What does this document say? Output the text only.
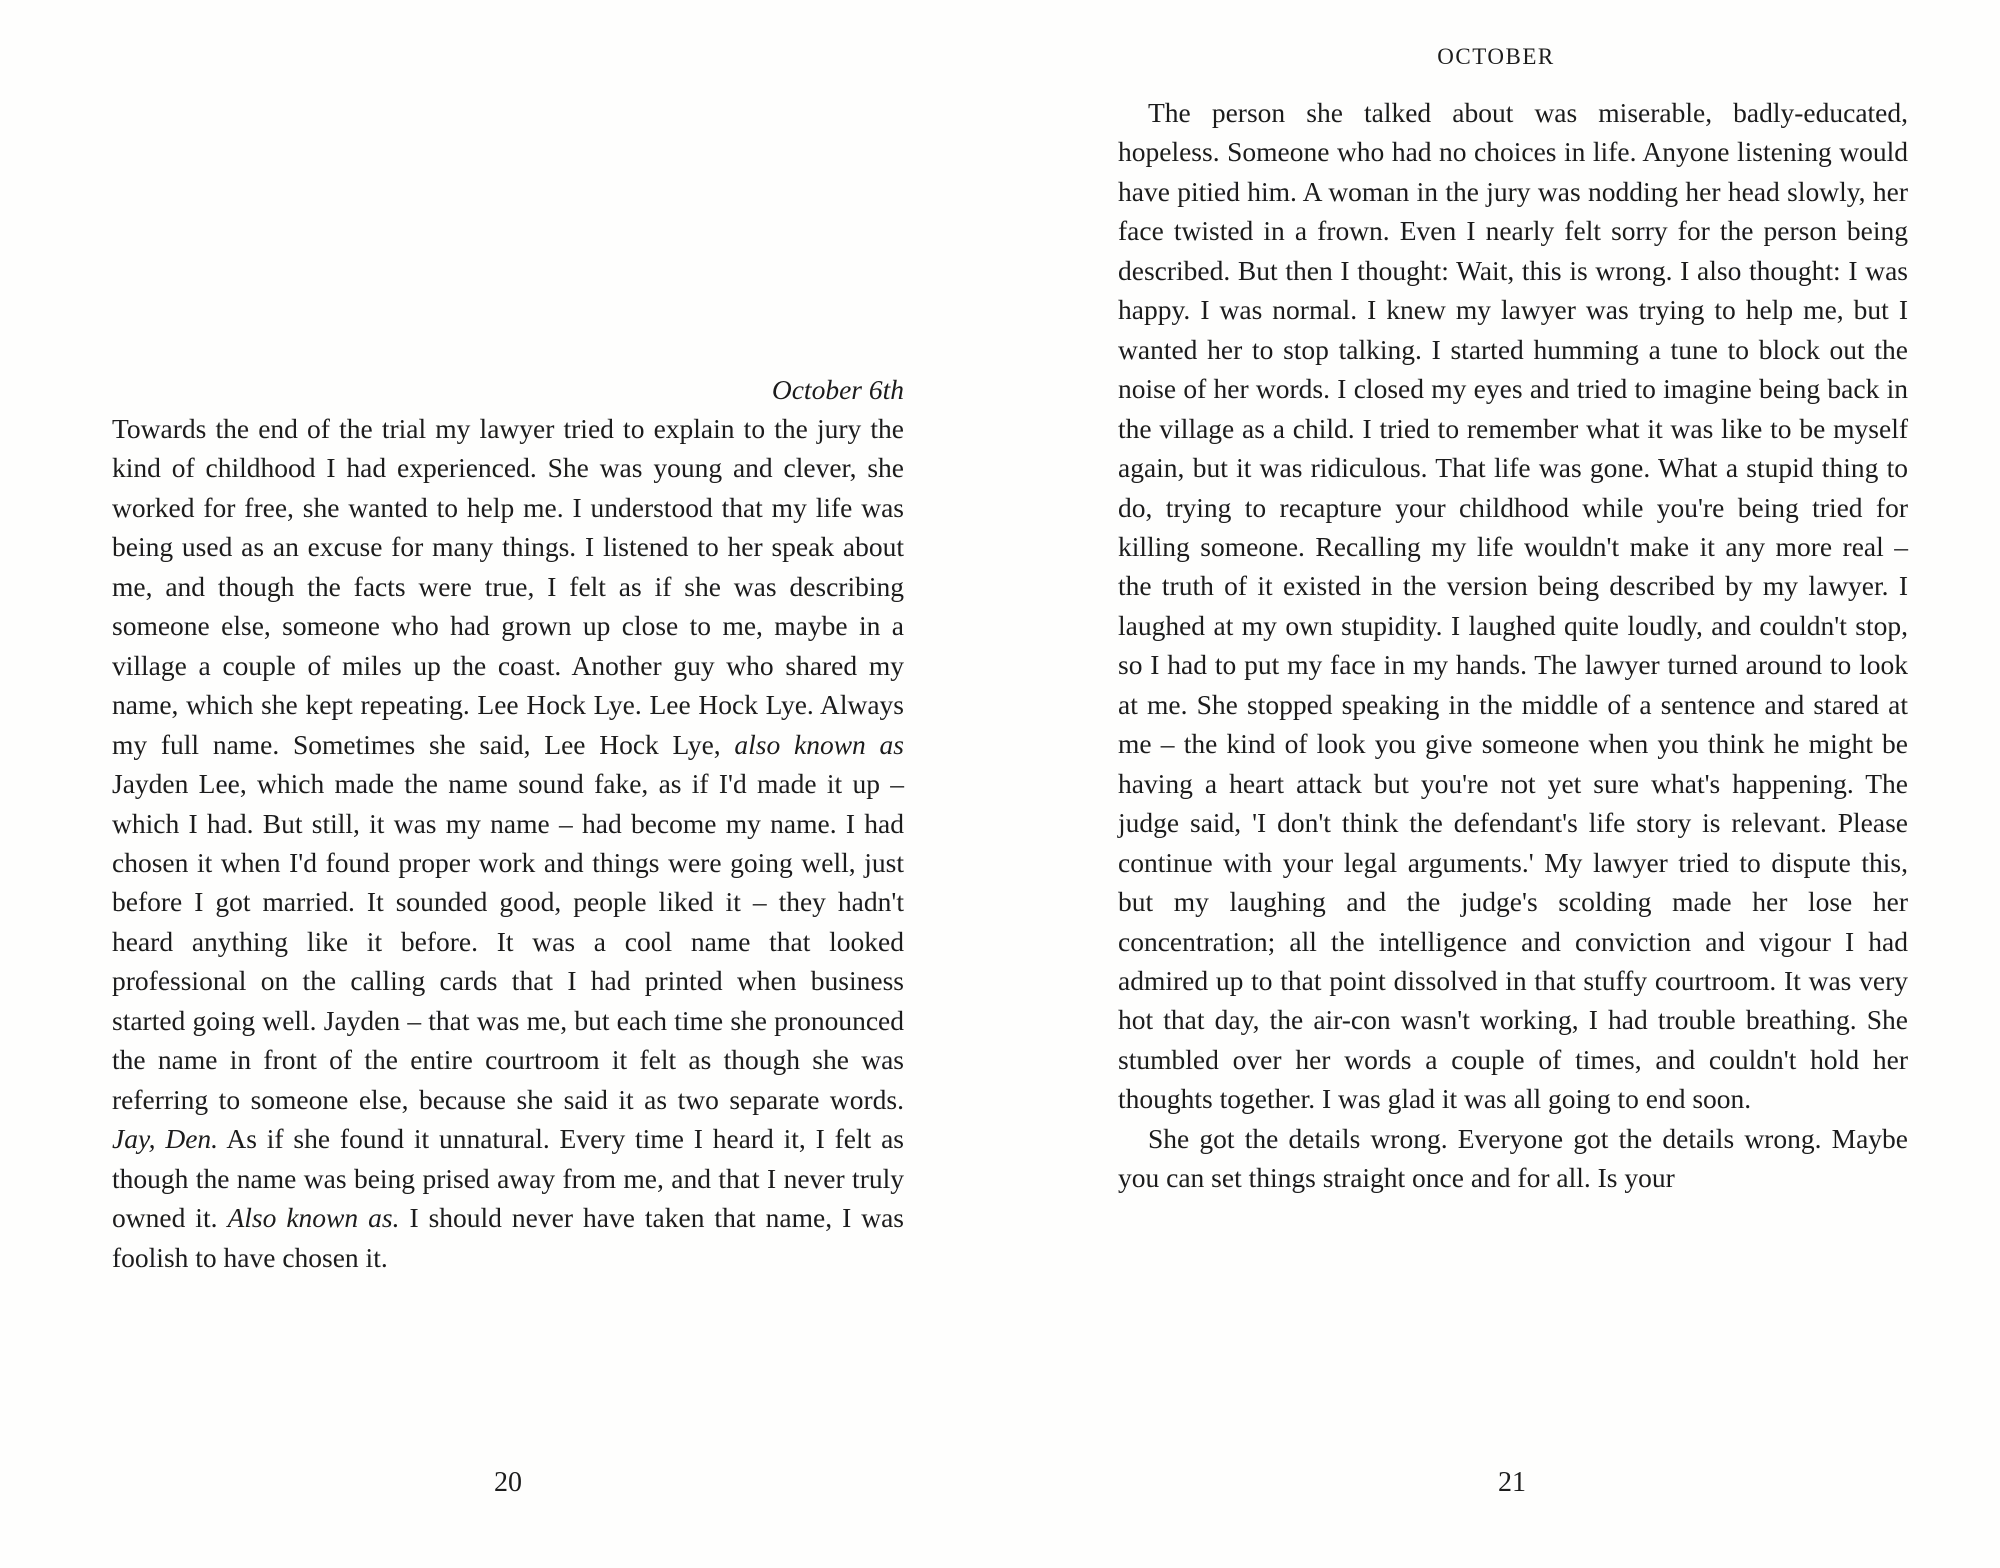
October 6th

Towards the end of the trial my lawyer tried to explain to the jury the kind of childhood I had experienced. She was young and clever, she worked for free, she wanted to help me. I understood that my life was being used as an excuse for many things. I listened to her speak about me, and though the facts were true, I felt as if she was describing someone else, someone who had grown up close to me, maybe in a village a couple of miles up the coast. Another guy who shared my name, which she kept repeating. Lee Hock Lye. Lee Hock Lye. Always my full name. Sometimes she said, Lee Hock Lye, also known as Jayden Lee, which made the name sound fake, as if I'd made it up – which I had. But still, it was my name – had become my name. I had chosen it when I'd found proper work and things were going well, just before I got married. It sounded good, people liked it – they hadn't heard anything like it before. It was a cool name that looked professional on the calling cards that I had printed when business started going well. Jayden – that was me, but each time she pronounced the name in front of the entire courtroom it felt as though she was referring to someone else, because she said it as two separate words. Jay, Den. As if she found it unnatural. Every time I heard it, I felt as though the name was being prised away from me, and that I never truly owned it. Also known as. I should never have taken that name, I was foolish to have chosen it.

20
OCTOBER

The person she talked about was miserable, badly-educated, hopeless. Someone who had no choices in life. Anyone listening would have pitied him. A woman in the jury was nodding her head slowly, her face twisted in a frown. Even I nearly felt sorry for the person being described. But then I thought: Wait, this is wrong. I also thought: I was happy. I was normal. I knew my lawyer was trying to help me, but I wanted her to stop talking. I started humming a tune to block out the noise of her words. I closed my eyes and tried to imagine being back in the village as a child. I tried to remember what it was like to be myself again, but it was ridiculous. That life was gone. What a stupid thing to do, trying to recapture your childhood while you're being tried for killing someone. Recalling my life wouldn't make it any more real – the truth of it existed in the version being described by my lawyer. I laughed at my own stupidity. I laughed quite loudly, and couldn't stop, so I had to put my face in my hands. The lawyer turned around to look at me. She stopped speaking in the middle of a sentence and stared at me – the kind of look you give someone when you think he might be having a heart attack but you're not yet sure what's happening. The judge said, 'I don't think the defendant's life story is relevant. Please continue with your legal arguments.' My lawyer tried to dispute this, but my laughing and the judge's scolding made her lose her concentration; all the intelligence and conviction and vigour I had admired up to that point dissolved in that stuffy courtroom. It was very hot that day, the air-con wasn't working, I had trouble breathing. She stumbled over her words a couple of times, and couldn't hold her thoughts together. I was glad it was all going to end soon.

She got the details wrong. Everyone got the details wrong. Maybe you can set things straight once and for all. Is your

21
